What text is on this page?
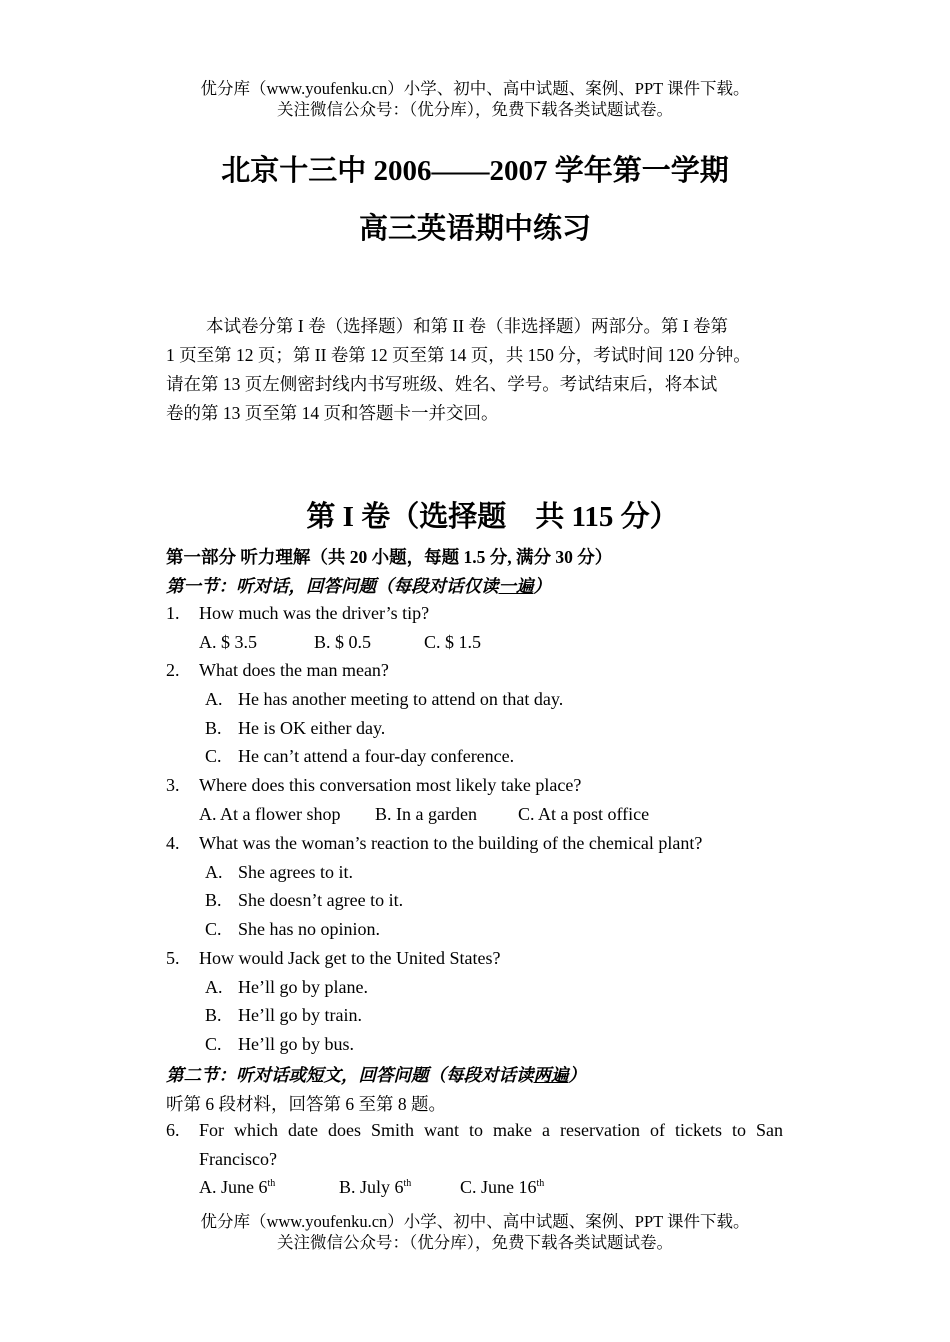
优分库（www.youfenku.cn）小学、初中、高中试题、案例、PPT 课件下载。
关注微信公众号：（优分库），免费下载各类试题试卷。
北京十三中 2006——2007 学年第一学期
高三英语期中练习
本试卷分第 I 卷（选择题）和第 II 卷（非选择题）两部分。第 I 卷第
1 页至第 12 页；第 II 卷第 12 页至第 14 页，共 150 分，考试时间 120 分钟。
请在第 13 页左侧密封线内书写班级、姓名、学号。考试结束后，将本试
卷的第 13 页至第 14 页和答题卡一并交回。
第 I 卷（选择题　共 115 分）
第一部分 听力理解（共 20 小题，每题 1.5 分, 满分 30 分）
第一节：听对话，回答问题（每段对话仅读一遍）
1. How much was the driver’s tip?
A. $ 3.5	B. $ 0.5	C. $ 1.5
2. What does the man mean?
A. He has another meeting to attend on that day.
B. He is OK either day.
C. He can’t attend a four-day conference.
3. Where does this conversation most likely take place?
A. At a flower shop B. In a garden C. At a post office
4. What was the woman’s reaction to the building of the chemical plant?
A. She agrees to it.
B. She doesn’t agree to it.
C. She has no opinion.
5. How would Jack get to the United States?
A. He’ll go by plane.
B. He’ll go by train.
C. He’ll go by bus.
第二节：听对话或短文，回答问题（每段对话读两遍）
听第 6 段材料，回答第 6 至第 8 题。
6. For which date does Smith want to make a reservation of tickets to San
Francisco?
A. June 6th	B. July 6th	C. June 16th
优分库（www.youfenku.cn）小学、初中、高中试题、案例、PPT 课件下载。
关注微信公众号：（优分库），免费下载各类试题试卷。
